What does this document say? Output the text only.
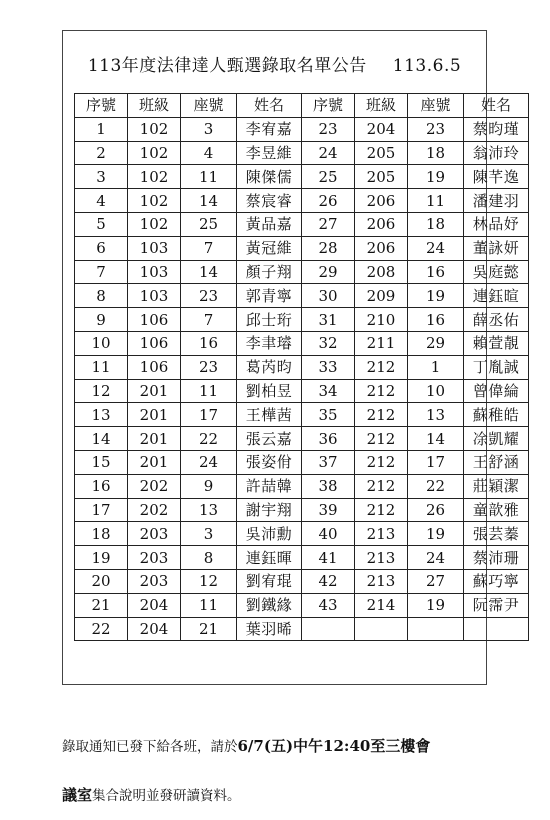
113年度法律達人甄選錄取名單公告 113.6.5
序號	班級	座號	姓名	序號	班級	座號	姓名
1	102	3	李宥嘉	23	204	23	蔡昀瑾
2	102	4	李昱維	24	205	18	翁沛玲
3	102	11	陳傑儒	25	205	19	陳芊逸
4	102	14	蔡宸睿	26	206	11	潘建羽
5	102	25	黃品嘉	27	206	18	林品妤
6	103	7	黃冠維	28	206	24	董詠妍
7	103	14	顏子翔	29	208	16	吳庭懿
8	103	23	郭青寧	30	209	19	連鈺暄
9	106	7	邱士珩	31	210	16	薛丞佑
10	106	16	李聿璿	32	211	29	賴萱靚
11	106	23	葛芮昀	33	212	1	丁胤誠
12	201	11	劉柏昱	34	212	10	曾偉綸
13	201	17	王樺茜	35	212	13	蘇稚皓
14	201	22	張云嘉	36	212	14	凃凱耀
15	201	24	張姿佾	37	212	17	王舒涵
16	202	9	許喆韓	38	212	22	莊穎潔
17	202	13	謝宇翔	39	212	26	童歆雅
18	203	3	吳沛勳	40	213	19	張芸蓁
19	203	8	連鈺暉	41	213	24	蔡沛珊
20	203	12	劉宥琨	42	213	27	蘇巧寧
21	204	11	劉鐵緣	43	214	19	阮霈尹
22	204	21	葉羽晞				
錄取通知已發下給各班，請於6/7(五)中午12:40至三樓會
議室集合說明並發研讀資料。
